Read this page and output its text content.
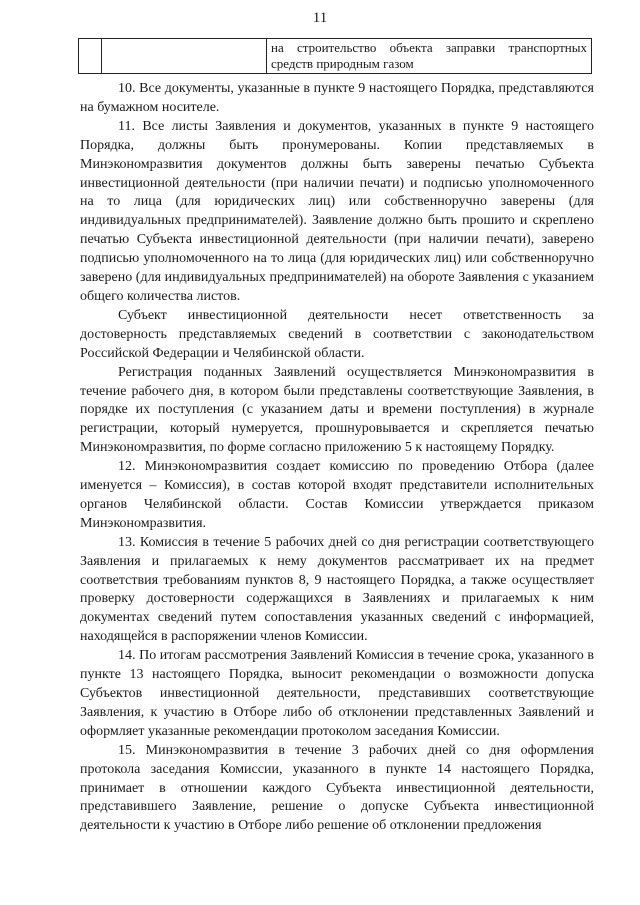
11
		на строительство объекта заправки транспортных средств природным газом

10. Все документы, указанные в пункте 9 настоящего Порядка, представляются на бумажном носителе.

11. Все листы Заявления и документов, указанных в пункте 9 настоящего Порядка, должны быть пронумерованы. Копии представляемых в Минэкономразвития документов должны быть заверены печатью Субъекта инвестиционной деятельности (при наличии печати) и подписью уполномоченного на то лица (для юридических лиц) или собственноручно заверены (для индивидуальных предпринимателей). Заявление должно быть прошито и скреплено печатью Субъекта инвестиционной деятельности (при наличии печати), заверено подписью уполномоченного на то лица (для юридических лиц) или собственноручно заверено (для индивидуальных предпринимателей) на обороте Заявления с указанием общего количества листов.

Субъект инвестиционной деятельности несет ответственность за достоверность представляемых сведений в соответствии с законодательством Российской Федерации и Челябинской области.

Регистрация поданных Заявлений осуществляется Минэкономразвития в течение рабочего дня, в котором были представлены соответствующие Заявления, в порядке их поступления (с указанием даты и времени поступления) в журнале регистрации, который нумеруется, прошнуровывается и скрепляется печатью Минэкономразвития, по форме согласно приложению 5 к настоящему Порядку.

12. Минэкономразвития создает комиссию по проведению Отбора (далее именуется – Комиссия), в состав которой входят представители исполнительных органов Челябинской области. Состав Комиссии утверждается приказом Минэкономразвития.

13. Комиссия в течение 5 рабочих дней со дня регистрации соответствующего Заявления и прилагаемых к нему документов рассматривает их на предмет соответствия требованиям пунктов 8, 9 настоящего Порядка, а также осуществляет проверку достоверности содержащихся в Заявлениях и прилагаемых к ним документах сведений путем сопоставления указанных сведений с информацией, находящейся в распоряжении членов Комиссии.

14. По итогам рассмотрения Заявлений Комиссия в течение срока, указанного в пункте 13 настоящего Порядка, выносит рекомендации о возможности допуска Субъектов инвестиционной деятельности, представивших соответствующие Заявления, к участию в Отборе либо об отклонении представленных Заявлений и оформляет указанные рекомендации протоколом заседания Комиссии.

15. Минэкономразвития в течение 3 рабочих дней со дня оформления протокола заседания Комиссии, указанного в пункте 14 настоящего Порядка, принимает в отношении каждого Субъекта инвестиционной деятельности, представившего Заявление, решение о допуске Субъекта инвестиционной деятельности к участию в Отборе либо решение об отклонении предложения
